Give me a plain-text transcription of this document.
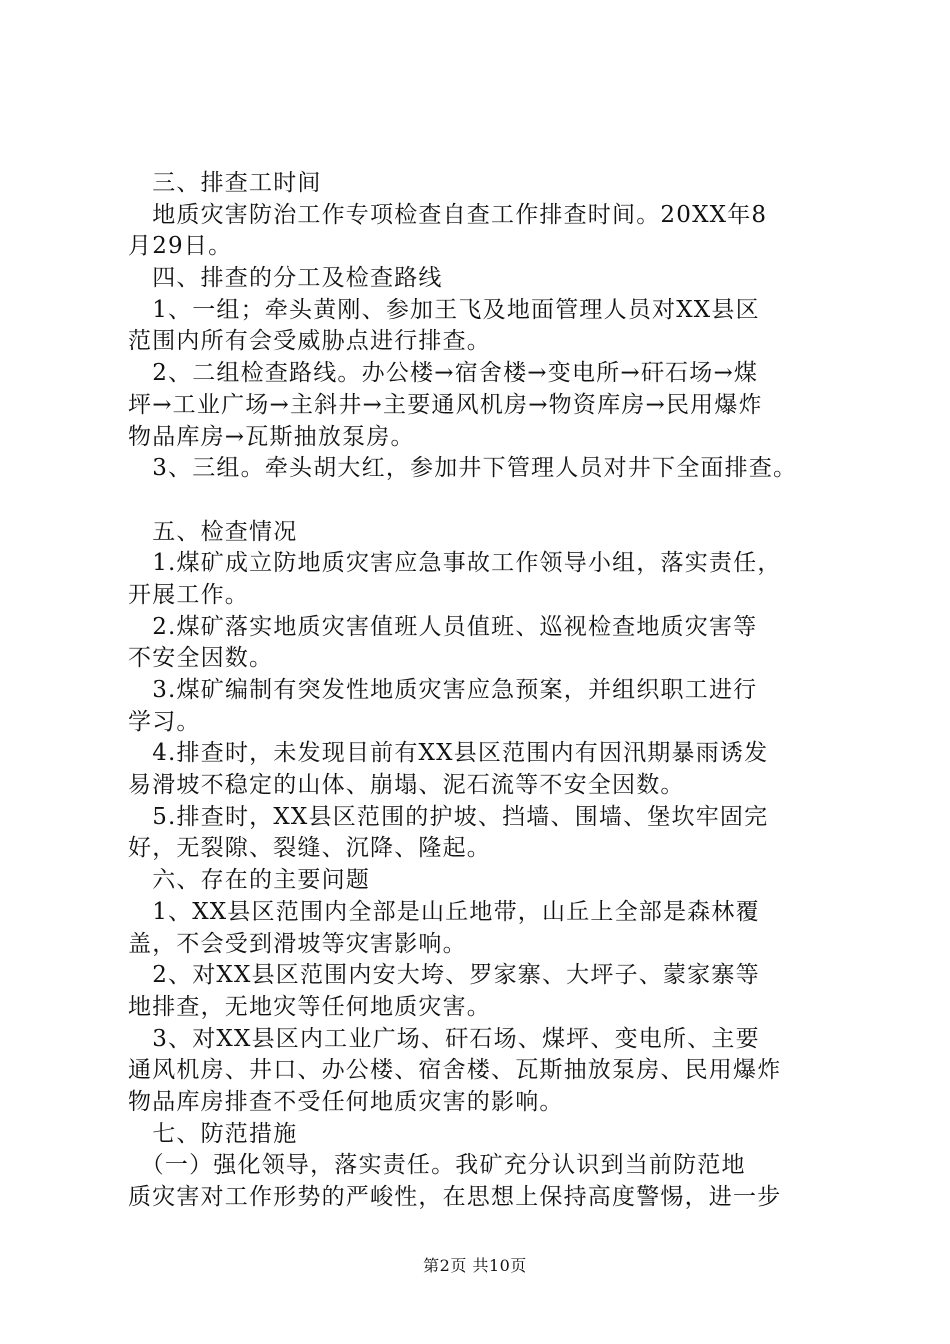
　三、排查工时间
　地质灾害防治工作专项检查自查工作排查时间。20XX年8
月29日。
　四、排查的分工及检查路线
　1、一组；牵头黄刚、参加王飞及地面管理人员对XX县区
范围内所有会受威胁点进行排查。
　2、二组检查路线。办公楼→宿舍楼→变电所→矸石场→煤
坪→工业广场→主斜井→主要通风机房→物资库房→民用爆炸
物品库房→瓦斯抽放泵房。
　3、三组。牵头胡大红，参加井下管理人员对井下全面排查。
　五、检查情况
　1.煤矿成立防地质灾害应急事故工作领导小组，落实责任，
开展工作。
　2.煤矿落实地质灾害值班人员值班、巡视检查地质灾害等
不安全因数。
　3.煤矿编制有突发性地质灾害应急预案，并组织职工进行
学习。
　4.排查时，未发现目前有XX县区范围内有因汛期暴雨诱发
易滑坡不稳定的山体、崩塌、泥石流等不安全因数。
　5.排查时，XX县区范围的护坡、挡墙、围墙、堡坎牢固完
好，无裂隙、裂缝、沉降、隆起。
　六、存在的主要问题
　1、XX县区范围内全部是山丘地带，山丘上全部是森林覆
盖，不会受到滑坡等灾害影响。
　2、对XX县区范围内安大垮、罗家寨、大坪子、蒙家寨等
地排查，无地灾等任何地质灾害。
　3、对XX县区内工业广场、矸石场、煤坪、变电所、主要
通风机房、井口、办公楼、宿舍楼、瓦斯抽放泵房、民用爆炸
物品库房排查不受任何地质灾害的影响。
　七、防范措施
　（一）强化领导，落实责任。我矿充分认识到当前防范地
质灾害对工作形势的严峻性，在思想上保持高度警惕，进一步
第2页 共10页
